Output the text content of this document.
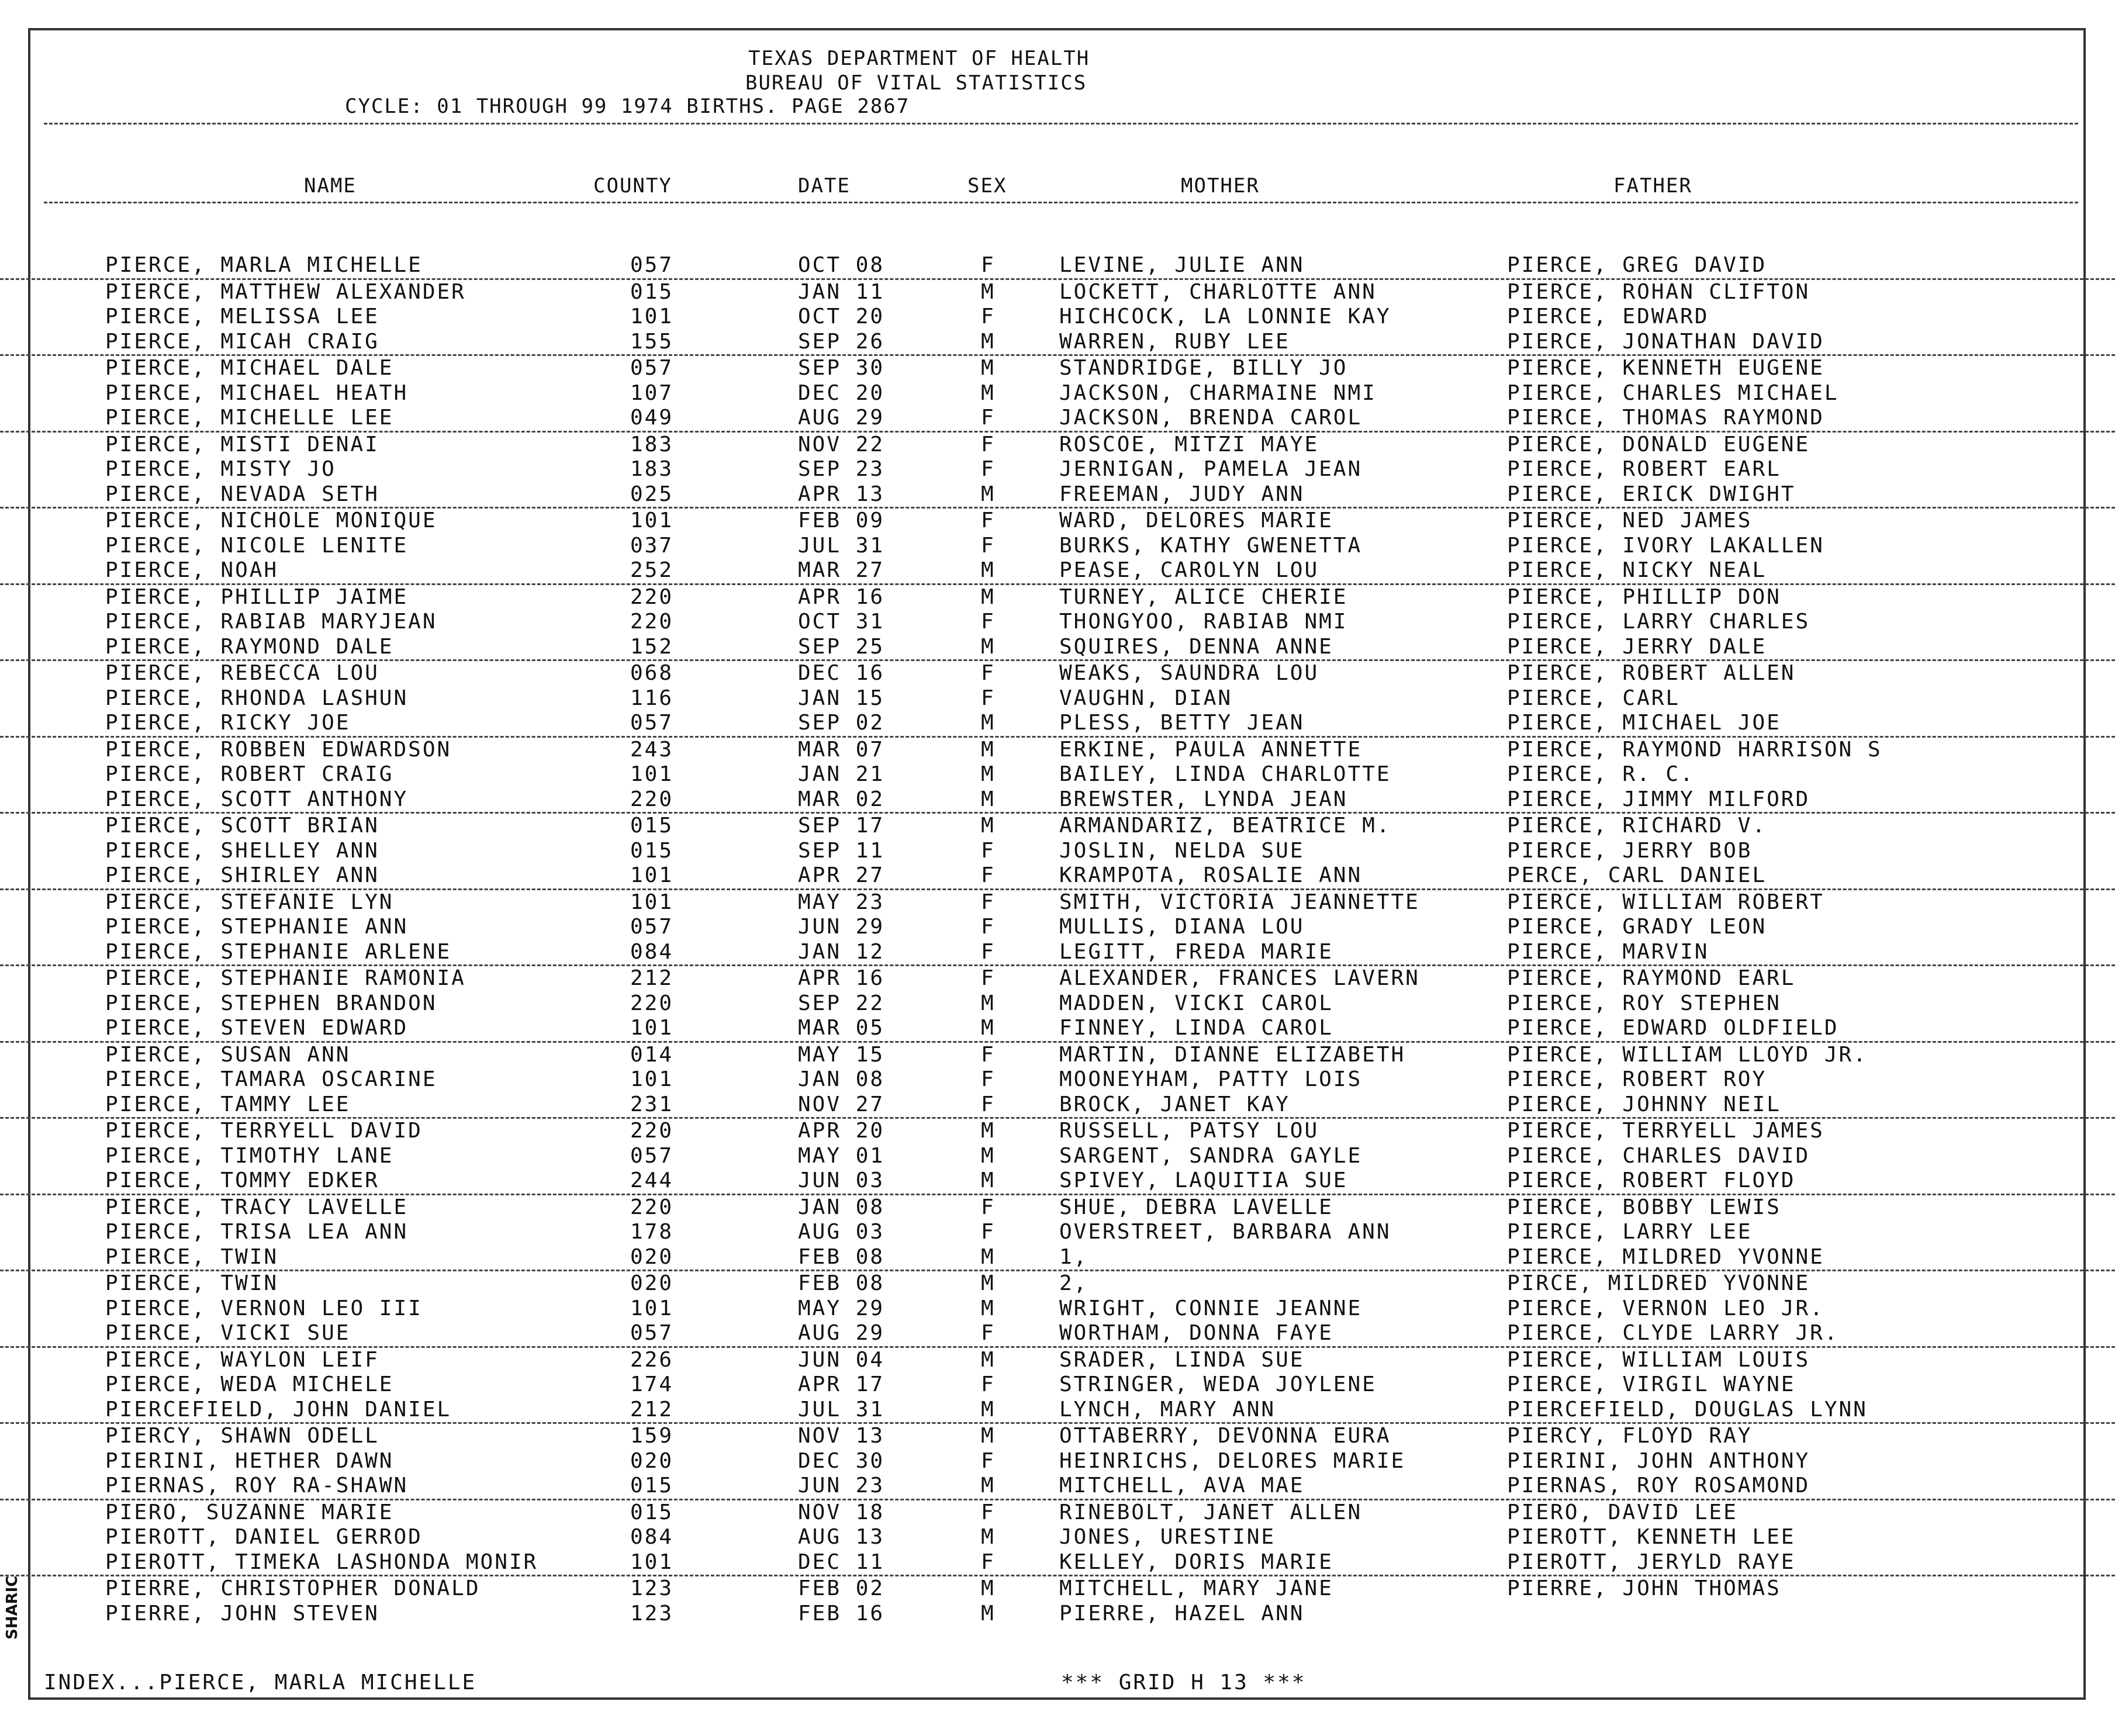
TEXAS DEPARTMENT OF HEALTH
BUREAU OF VITAL STATISTICS
CYCLE: 01 THROUGH 99 1974 BIRTHS. PAGE 2867
NAME	COUNTY	DATE	SEX	MOTHER	FATHER
PIERCE, MARLA MICHELLE	057	OCT 08	F	LEVINE, JULIE ANN	PIERCE, GREG DAVID
PIERCE, MATTHEW ALEXANDER	015	JAN 11	M	LOCKETT, CHARLOTTE ANN	PIERCE, ROHAN CLIFTON
PIERCE, MELISSA LEE	101	OCT 20	F	HICHCOCK, LA LONNIE KAY	PIERCE, EDWARD
PIERCE, MICAH CRAIG	155	SEP 26	M	WARREN, RUBY LEE	PIERCE, JONATHAN DAVID
PIERCE, MICHAEL DALE	057	SEP 30	M	STANDRIDGE, BILLY JO	PIERCE, KENNETH EUGENE
PIERCE, MICHAEL HEATH	107	DEC 20	M	JACKSON, CHARMAINE NMI	PIERCE, CHARLES MICHAEL
PIERCE, MICHELLE LEE	049	AUG 29	F	JACKSON, BRENDA CAROL	PIERCE, THOMAS RAYMOND
PIERCE, MISTI DENAI	183	NOV 22	F	ROSCOE, MITZI MAYE	PIERCE, DONALD EUGENE
PIERCE, MISTY JO	183	SEP 23	F	JERNIGAN, PAMELA JEAN	PIERCE, ROBERT EARL
PIERCE, NEVADA SETH	025	APR 13	M	FREEMAN, JUDY ANN	PIERCE, ERICK DWIGHT
PIERCE, NICHOLE MONIQUE	101	FEB 09	F	WARD, DELORES MARIE	PIERCE, NED JAMES
PIERCE, NICOLE LENITE	037	JUL 31	F	BURKS, KATHY GWENETTA	PIERCE, IVORY LAKALLEN
PIERCE, NOAH	252	MAR 27	M	PEASE, CAROLYN LOU	PIERCE, NICKY NEAL
PIERCE, PHILLIP JAIME	220	APR 16	M	TURNEY, ALICE CHERIE	PIERCE, PHILLIP DON
PIERCE, RABIAB MARYJEAN	220	OCT 31	F	THONGYOO, RABIAB NMI	PIERCE, LARRY CHARLES
PIERCE, RAYMOND DALE	152	SEP 25	M	SQUIRES, DENNA ANNE	PIERCE, JERRY DALE
PIERCE, REBECCA LOU	068	DEC 16	F	WEAKS, SAUNDRA LOU	PIERCE, ROBERT ALLEN
PIERCE, RHONDA LASHUN	116	JAN 15	F	VAUGHN, DIAN	PIERCE, CARL
PIERCE, RICKY JOE	057	SEP 02	M	PLESS, BETTY JEAN	PIERCE, MICHAEL JOE
PIERCE, ROBBEN EDWARDSON	243	MAR 07	M	ERKINE, PAULA ANNETTE	PIERCE, RAYMOND HARRISON S
PIERCE, ROBERT CRAIG	101	JAN 21	M	BAILEY, LINDA CHARLOTTE	PIERCE, R. C.
PIERCE, SCOTT ANTHONY	220	MAR 02	M	BREWSTER, LYNDA JEAN	PIERCE, JIMMY MILFORD
PIERCE, SCOTT BRIAN	015	SEP 17	M	ARMANDARIZ, BEATRICE M.	PIERCE, RICHARD V.
PIERCE, SHELLEY ANN	015	SEP 11	F	JOSLIN, NELDA SUE	PIERCE, JERRY BOB
PIERCE, SHIRLEY ANN	101	APR 27	F	KRAMPOTA, ROSALIE ANN	PERCE, CARL DANIEL
PIERCE, STEFANIE LYN	101	MAY 23	F	SMITH, VICTORIA JEANNETTE	PIERCE, WILLIAM ROBERT
PIERCE, STEPHANIE ANN	057	JUN 29	F	MULLIS, DIANA LOU	PIERCE, GRADY LEON
PIERCE, STEPHANIE ARLENE	084	JAN 12	F	LEGITT, FREDA MARIE	PIERCE, MARVIN
PIERCE, STEPHANIE RAMONIA	212	APR 16	F	ALEXANDER, FRANCES LAVERN	PIERCE, RAYMOND EARL
PIERCE, STEPHEN BRANDON	220	SEP 22	M	MADDEN, VICKI CAROL	PIERCE, ROY STEPHEN
PIERCE, STEVEN EDWARD	101	MAR 05	M	FINNEY, LINDA CAROL	PIERCE, EDWARD OLDFIELD
PIERCE, SUSAN ANN	014	MAY 15	F	MARTIN, DIANNE ELIZABETH	PIERCE, WILLIAM LLOYD JR.
PIERCE, TAMARA OSCARINE	101	JAN 08	F	MOONEYHAM, PATTY LOIS	PIERCE, ROBERT ROY
PIERCE, TAMMY LEE	231	NOV 27	F	BROCK, JANET KAY	PIERCE, JOHNNY NEIL
PIERCE, TERRYELL DAVID	220	APR 20	M	RUSSELL, PATSY LOU	PIERCE, TERRYELL JAMES
PIERCE, TIMOTHY LANE	057	MAY 01	M	SARGENT, SANDRA GAYLE	PIERCE, CHARLES DAVID
PIERCE, TOMMY EDKER	244	JUN 03	M	SPIVEY, LAQUITIA SUE	PIERCE, ROBERT FLOYD
PIERCE, TRACY LAVELLE	220	JAN 08	F	SHUE, DEBRA LAVELLE	PIERCE, BOBBY LEWIS
PIERCE, TRISA LEA ANN	178	AUG 03	F	OVERSTREET, BARBARA ANN	PIERCE, LARRY LEE
PIERCE, TWIN	020	FEB 08	M	1,	PIERCE, MILDRED YVONNE
PIERCE, TWIN	020	FEB 08	M	2,	PIRCE, MILDRED YVONNE
PIERCE, VERNON LEO III	101	MAY 29	M	WRIGHT, CONNIE JEANNE	PIERCE, VERNON LEO JR.
PIERCE, VICKI SUE	057	AUG 29	F	WORTHAM, DONNA FAYE	PIERCE, CLYDE LARRY JR.
PIERCE, WAYLON LEIF	226	JUN 04	M	SRADER, LINDA SUE	PIERCE, WILLIAM LOUIS
PIERCE, WEDA MICHELE	174	APR 17	F	STRINGER, WEDA JOYLENE	PIERCE, VIRGIL WAYNE
PIERCEFIELD, JOHN DANIEL	212	JUL 31	M	LYNCH, MARY ANN	PIERCEFIELD, DOUGLAS LYNN
PIERCY, SHAWN ODELL	159	NOV 13	M	OTTABERRY, DEVONNA EURA	PIERCY, FLOYD RAY
PIERINI, HETHER DAWN	020	DEC 30	F	HEINRICHS, DELORES MARIE	PIERINI, JOHN ANTHONY
PIERNAS, ROY RA-SHAWN	015	JUN 23	M	MITCHELL, AVA MAE	PIERNAS, ROY ROSAMOND
PIERO, SUZANNE MARIE	015	NOV 18	F	RINEBOLT, JANET ALLEN	PIERO, DAVID LEE
PIEROTT, DANIEL GERROD	084	AUG 13	M	JONES, URESTINE	PIEROTT, KENNETH LEE
PIEROTT, TIMEKA LASHONDA MONIR	101	DEC 11	F	KELLEY, DORIS MARIE	PIEROTT, JERYLD RAYE
PIERRE, CHRISTOPHER DONALD	123	FEB 02	M	MITCHELL, MARY JANE	PIERRE, JOHN THOMAS
PIERRE, JOHN STEVEN	123	FEB 16	M	PIERRE, HAZEL ANN
INDEX...PIERCE, MARLA MICHELLE	*** GRID H 13 ***
SHARIC
